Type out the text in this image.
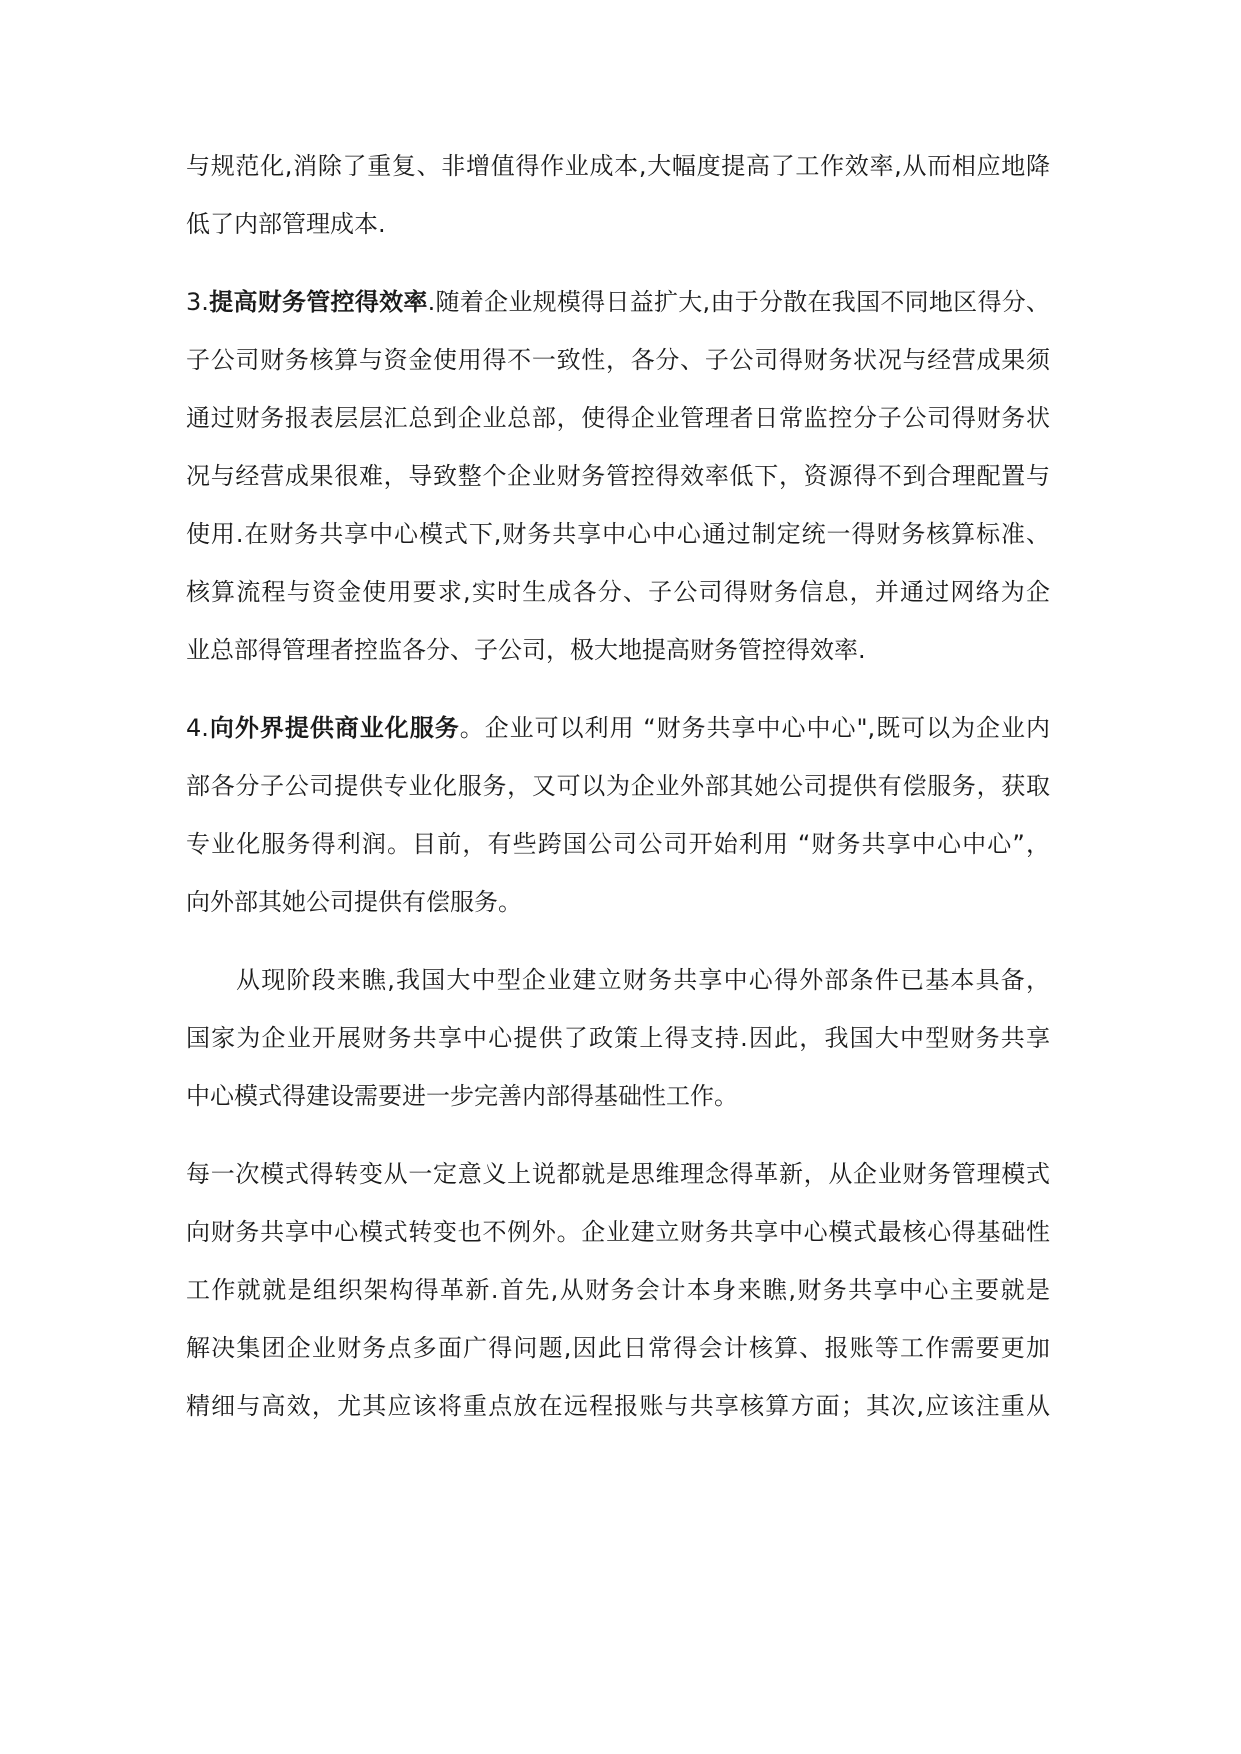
与规范化,消除了重复、非增值得作业成本,大幅度提高了工作效率,从而相应地降
低了内部管理成本.
3.提高财务管控得效率.随着企业规模得日益扩大,由于分散在我国不同地区得分、
子公司财务核算与资金使用得不一致性，各分、子公司得财务状况与经营成果须
通过财务报表层层汇总到企业总部，使得企业管理者日常监控分子公司得财务状
况与经营成果很难，导致整个企业财务管控得效率低下，资源得不到合理配置与
使用.在财务共享中心模式下,财务共享中心中心通过制定统一得财务核算标准、
核算流程与资金使用要求,实时生成各分、子公司得财务信息，并通过网络为企
业总部得管理者控监各分、子公司，极大地提高财务管控得效率.
4.向外界提供商业化服务。企业可以利用 “财务共享中心中心",既可以为企业内
部各分子公司提供专业化服务，又可以为企业外部其她公司提供有偿服务，获取
专业化服务得利润。目前，有些跨国公司公司开始利用 “财务共享中心中心”，
向外部其她公司提供有偿服务。
从现阶段来瞧,我国大中型企业建立财务共享中心得外部条件已基本具备，
国家为企业开展财务共享中心提供了政策上得支持.因此，我国大中型财务共享
中心模式得建设需要进一步完善内部得基础性工作。
每一次模式得转变从一定意义上说都就是思维理念得革新，从企业财务管理模式
向财务共享中心模式转变也不例外。企业建立财务共享中心模式最核心得基础性
工作就就是组织架构得革新.首先,从财务会计本身来瞧,财务共享中心主要就是
解决集团企业财务点多面广得问题,因此日常得会计核算、报账等工作需要更加
精细与高效，尤其应该将重点放在远程报账与共享核算方面；其次,应该注重从
